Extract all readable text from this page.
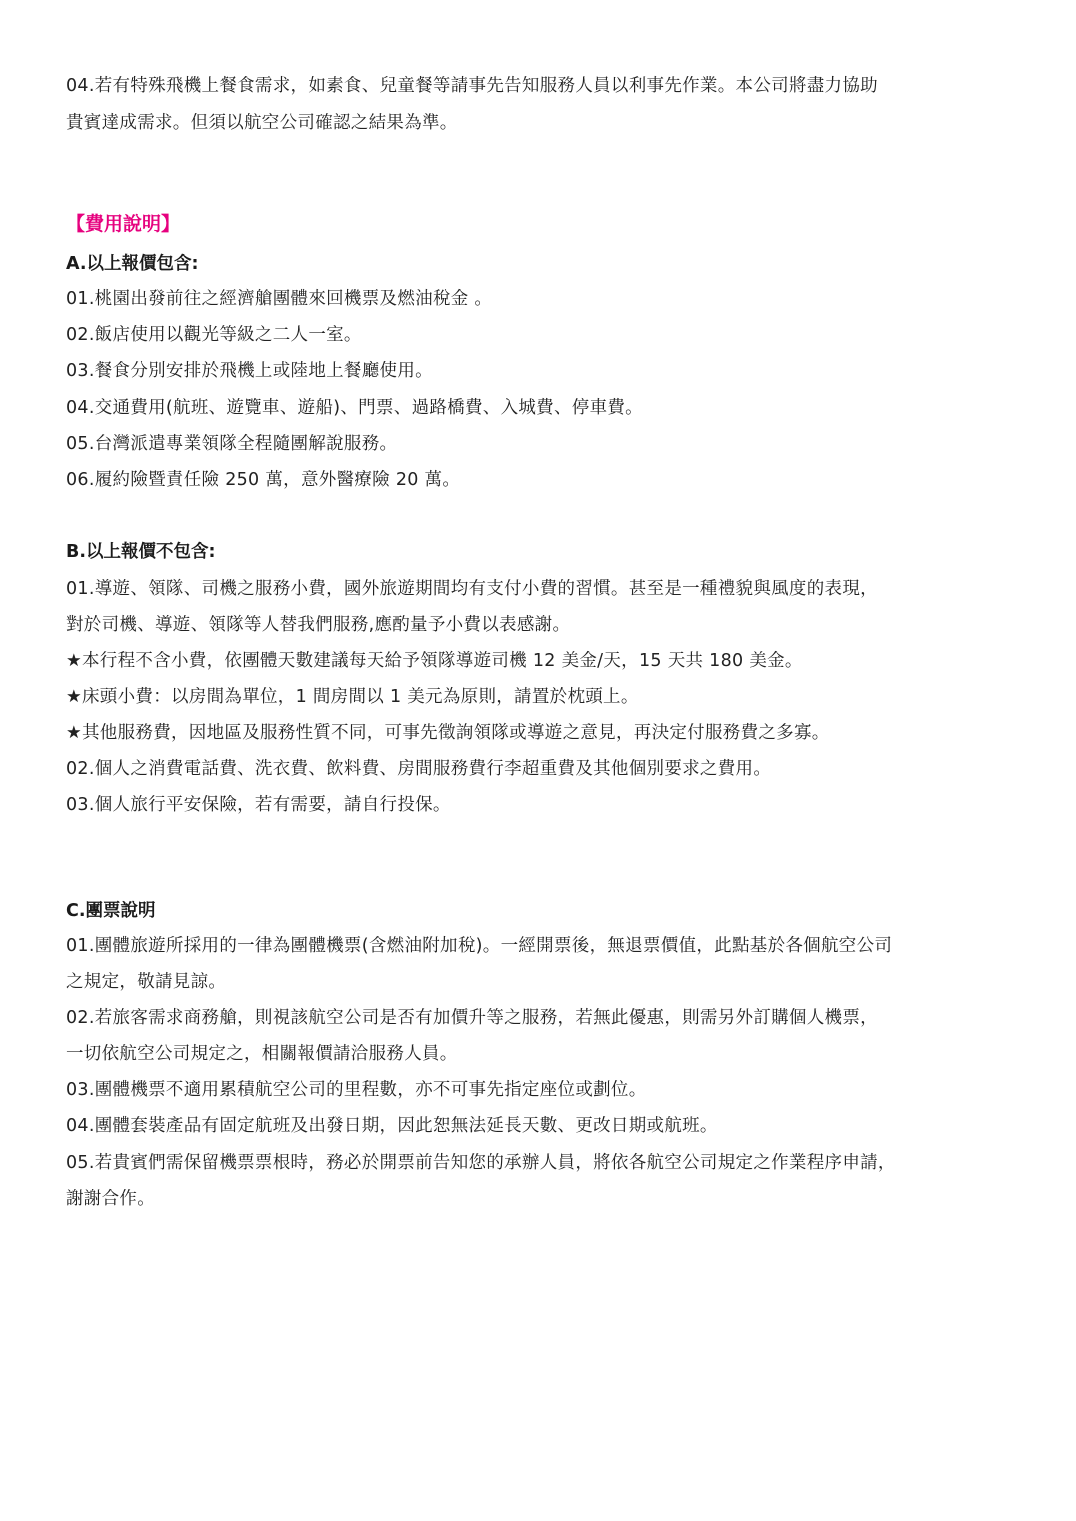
04.若有特殊飛機上餐食需求，如素食、兒童餐等請事先告知服務人員以利事先作業。本公司將盡力協助
貴賓達成需求。但須以航空公司確認之結果為準。
【費用說明】
A.以上報價包含:
01.桃園出發前往之經濟艙團體來回機票及燃油稅金 。
02.飯店使用以觀光等級之二人一室。
03.餐食分別安排於飛機上或陸地上餐廳使用。
04.交通費用(航班、遊覽車、遊船)、門票、過路橋費、入城費、停車費。
05.台灣派遣專業領隊全程隨團解說服務。
06.履約險暨責任險 250 萬，意外醫療險 20 萬。
B.以上報價不包含:
01.導遊、領隊、司機之服務小費，國外旅遊期間均有支付小費的習慣。甚至是一種禮貌與風度的表現，
對於司機、導遊、領隊等人替我們服務,應酌量予小費以表感謝。
★本行程不含小費，依團體天數建議每天給予領隊導遊司機 12 美金/天，15 天共 180 美金。
★床頭小費：以房間為單位，1 間房間以 1 美元為原則，請置於枕頭上。
★其他服務費，因地區及服務性質不同，可事先徵詢領隊或導遊之意見，再決定付服務費之多寡。
02.個人之消費電話費、洗衣費、飲料費、房間服務費行李超重費及其他個別要求之費用。
03.個人旅行平安保險，若有需要，請自行投保。
C.團票說明
01.團體旅遊所採用的一律為團體機票(含燃油附加稅)。一經開票後，無退票價值，此點基於各個航空公司
之規定，敬請見諒。
02.若旅客需求商務艙，則視該航空公司是否有加價升等之服務，若無此優惠，則需另外訂購個人機票，
一切依航空公司規定之，相關報價請洽服務人員。
03.團體機票不適用累積航空公司的里程數，亦不可事先指定座位或劃位。
04.團體套裝產品有固定航班及出發日期，因此恕無法延長天數、更改日期或航班。
05.若貴賓們需保留機票票根時，務必於開票前告知您的承辦人員，將依各航空公司規定之作業程序申請，
謝謝合作。
